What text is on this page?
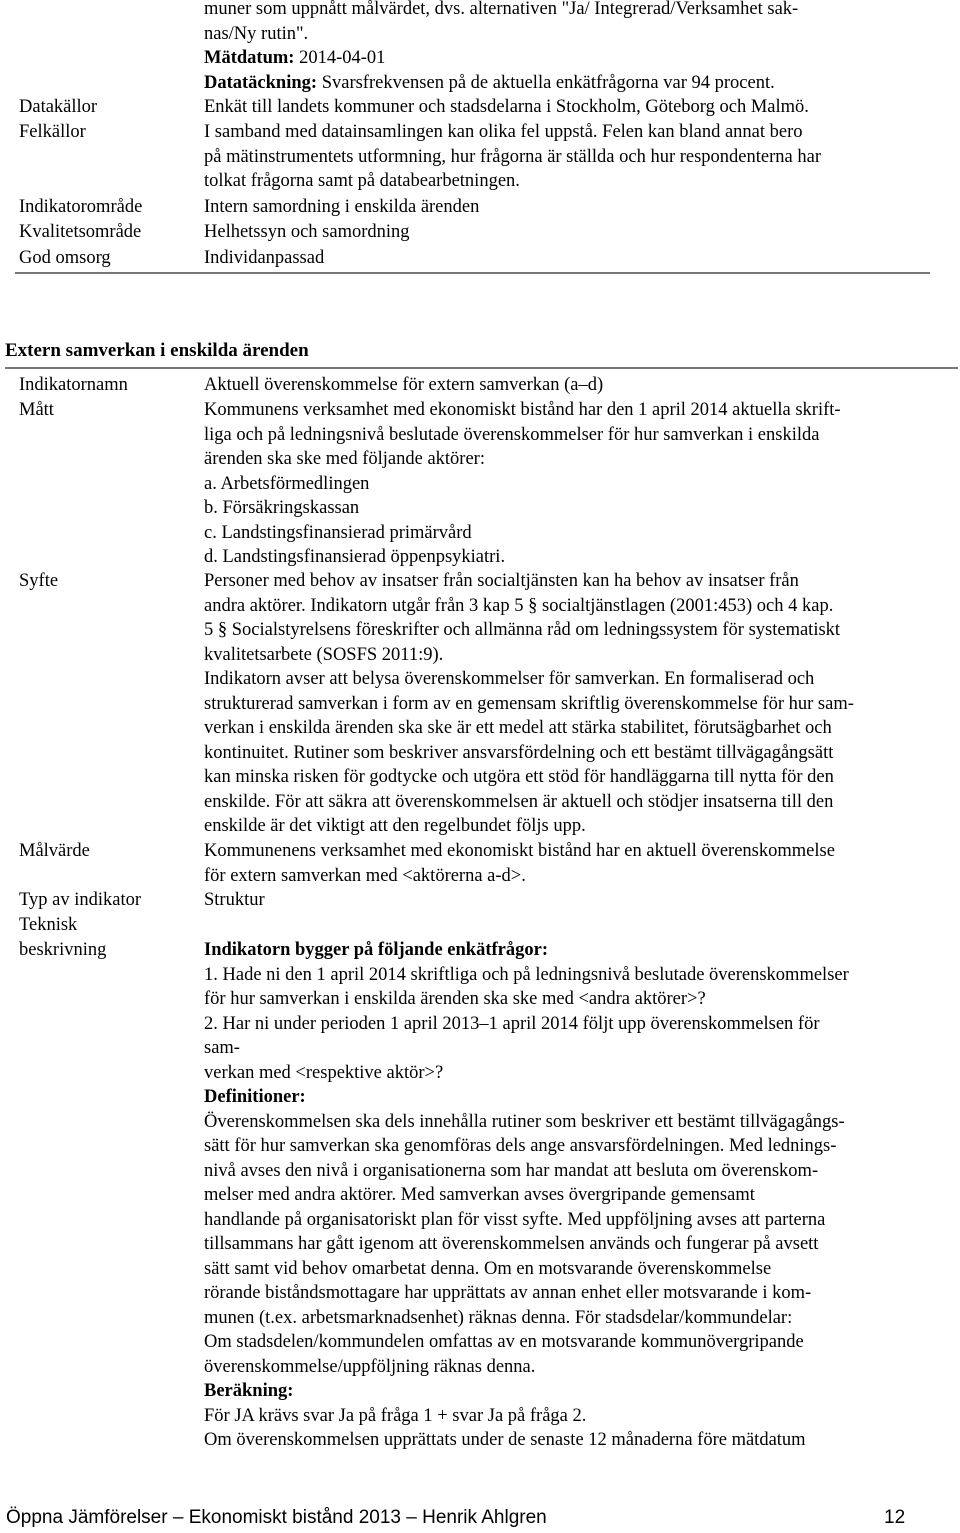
muner som uppnått målvärdet, dvs. alternativen "Ja/ Integrerad/Verksamhet sak-

nas/Ny rutin".

Mätdatum: 2014-04-01

Datatäckning: Svarsfrekvensen på de aktuella enkätfrågorna var 94 procent.

Datakällor	Enkät till landets kommuner och stadsdelarna i Stockholm, Göteborg och Malmö.

Felkällor	I samband med datainsamlingen kan olika fel uppstå. Felen kan bland annat bero

på mätinstrumentets utformning, hur frågorna är ställda och hur respondenterna har

tolkat frågorna samt på databearbetningen.

Indikatorområde	Intern samordning i enskilda ärenden
Kvalitetsområde	Helhetssyn och samordning
God omsorg	Individanpassad
Extern samverkan i enskilda ärenden
Indikatornamn	Aktuell överenskommelse för extern samverkan (a–d)
Mått	Kommunens verksamhet med ekonomiskt bistånd har den 1 april 2014 aktuella skrift-

liga och på ledningsnivå beslutade överenskommelser för hur samverkan i enskilda

ärenden ska ske med följande aktörer:

a. Arbetsförmedlingen

b. Försäkringskassan

c. Landstingsfinansierad primärvård

d. Landstingsfinansierad öppenpsykiatri.

Syfte	Personer med behov av insatser från socialtjänsten kan ha behov av insatser från

andra aktörer. Indikatorn utgår från 3 kap 5 § socialtjänstlagen (2001:453) och 4 kap.

5 § Socialstyrelsens föreskrifter och allmänna råd om ledningssystem för systematiskt

kvalitetsarbete (SOSFS 2011:9).

Indikatorn avser att belysa överenskommelser för samverkan. En formaliserad och

strukturerad samverkan i form av en gemensam skriftlig överenskommelse för hur sam-

verkan i enskilda ärenden ska ske är ett medel att stärka stabilitet, förutsägbarhet och

kontinuitet. Rutiner som beskriver ansvarsfördelning och ett bestämt tillvägagångsätt

kan minska risken för godtycke och utgöra ett stöd för handläggarna till nytta för den

enskilde. För att säkra att överenskommelsen är aktuell och stödjer insatserna till den

enskilde är det viktigt att den regelbundet följs upp.

Målvärde	Kommunenens verksamhet med ekonomiskt bistånd har en aktuell överenskommelse

för extern samverkan med <aktörerna a-d>.

Typ av indikator	Struktur
Teknisk
beskrivning	Indikatorn bygger på följande enkätfrågor:

1. Hade ni den 1 april 2014 skriftliga och på ledningsnivå beslutade överenskommelser

för hur samverkan i enskilda ärenden ska ske med <andra aktörer>?

2. Har ni under perioden 1 april 2013–1 april 2014 följt upp överenskommelsen för

sam-

verkan med <respektive aktör>?

Definitioner:

Överenskommelsen ska dels innehålla rutiner som beskriver ett bestämt tillvägagångs-

sätt för hur samverkan ska genomföras dels ange ansvarsfördelningen. Med lednings-

nivå avses den nivå i organisationerna som har mandat att besluta om överenskom-

melser med andra aktörer. Med samverkan avses övergripande gemensamt

handlande på organisatoriskt plan för visst syfte. Med uppföljning avses att parterna

tillsammans har gått igenom att överenskommelsen används och fungerar på avsett

sätt samt vid behov omarbetat denna. Om en motsvarande överenskommelse

rörande biståndsmottagare har upprättats av annan enhet eller motsvarande i kom-

munen (t.ex. arbetsmarknadsenhet) räknas denna. För stadsdelar/kommundelar:

Om stadsdelen/kommundelen omfattas av en motsvarande kommunövergripande

överenskommelse/uppföljning räknas denna.

Beräkning:

För JA krävs svar Ja på fråga 1 + svar Ja på fråga 2.

Om överenskommelsen upprättats under de senaste 12 månaderna före mätdatum

Öppna Jämförelser – Ekonomiskt bistånd 2013 – Henrik Ahlgren	12
